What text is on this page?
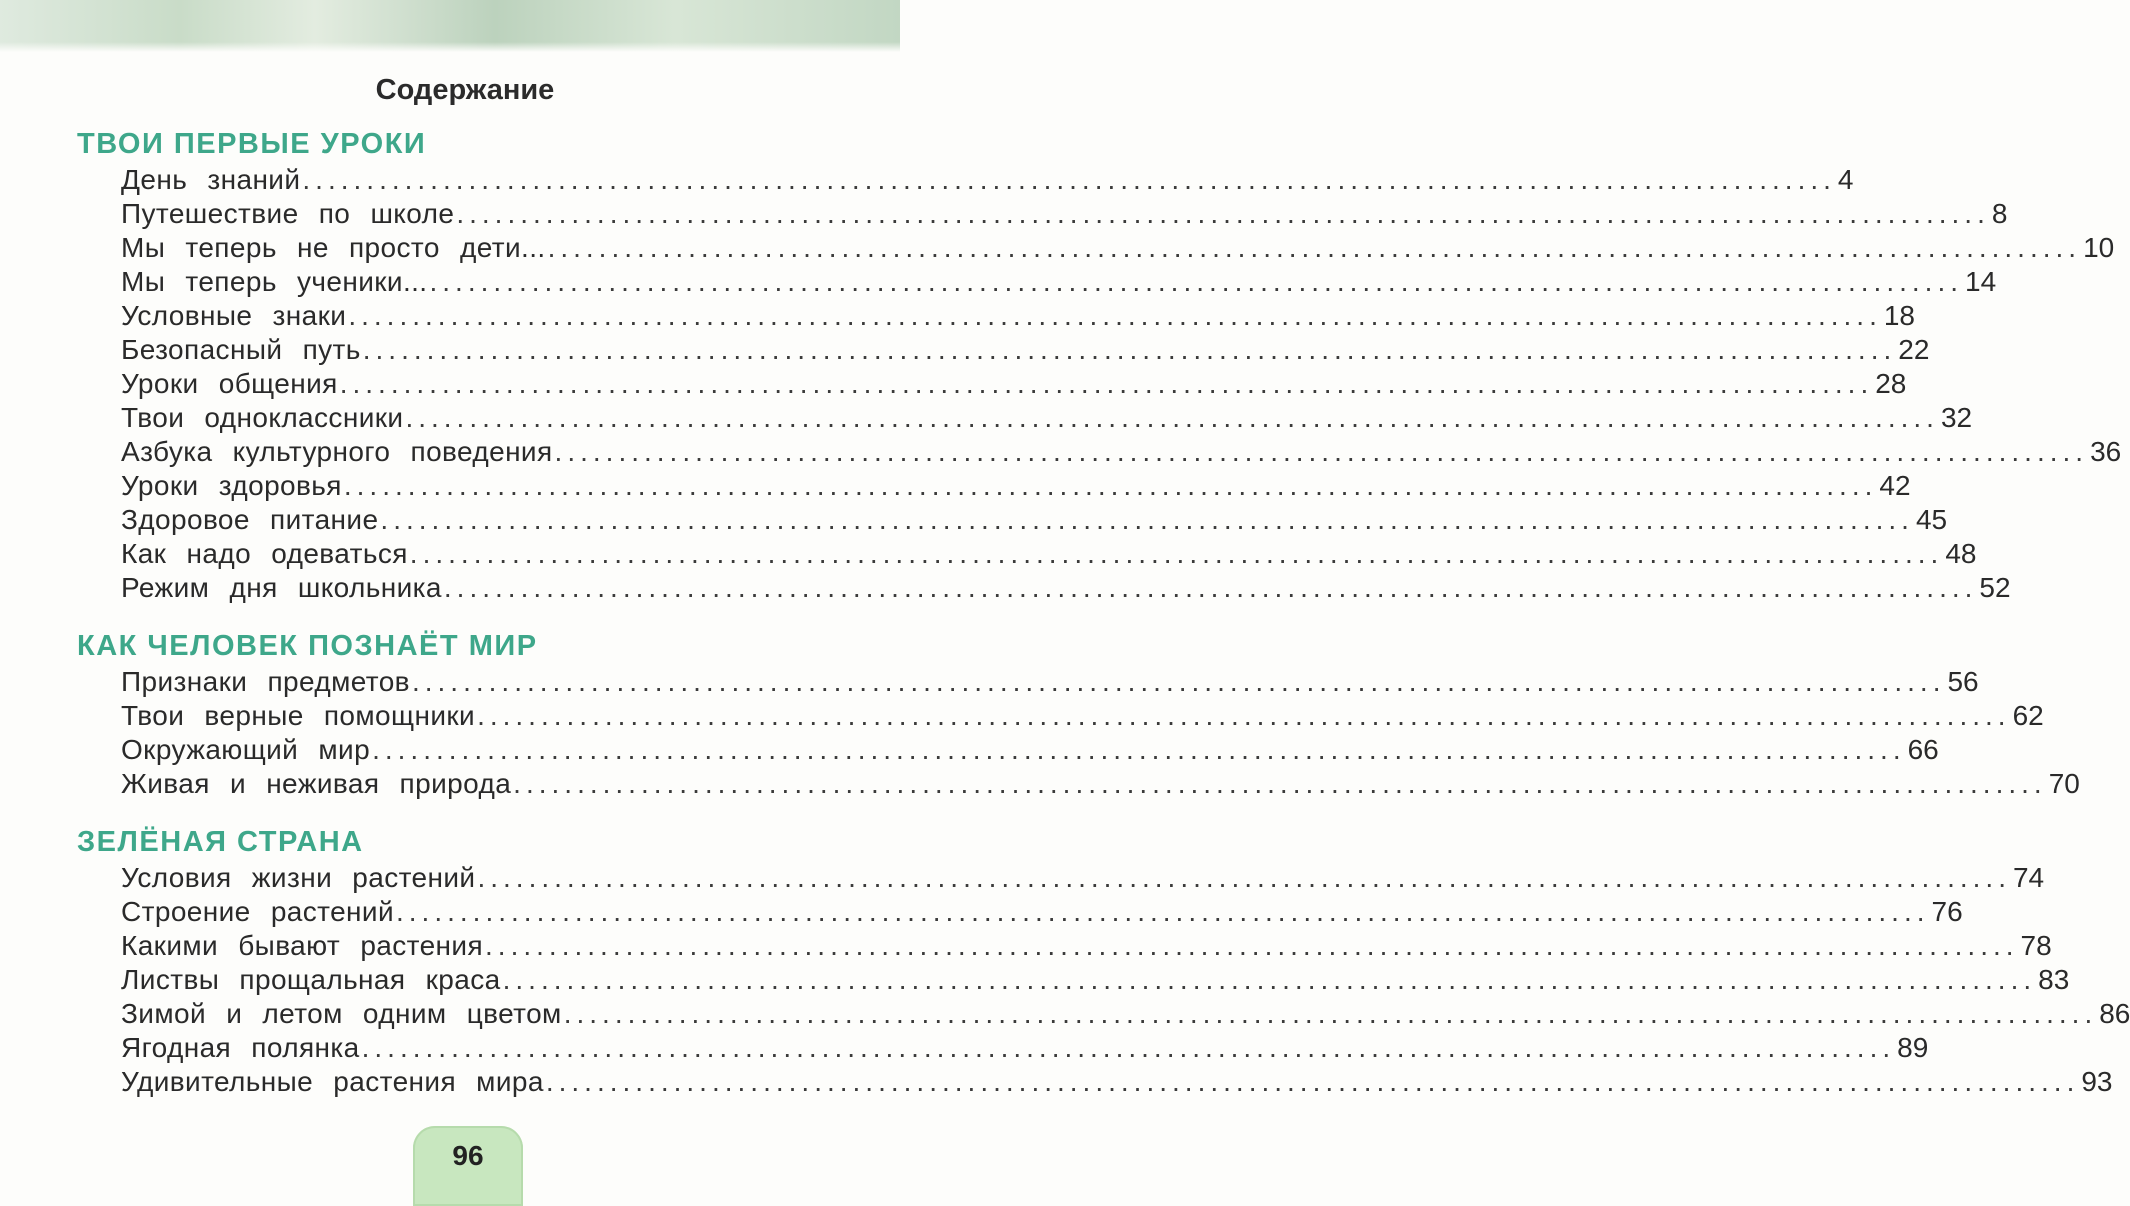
Содержание
ТВОИ ПЕРВЫЕ УРОКИ
День знаний ........................................................................................................................ 4
Путешествие по школе ........................................................................................................................ 8
Мы теперь не просто дети... ........................................................................................................................ 10
Мы теперь ученики... ........................................................................................................................ 14
Условные знаки ........................................................................................................................ 18
Безопасный путь ........................................................................................................................ 22
Уроки общения ........................................................................................................................ 28
Твои одноклассники ........................................................................................................................ 32
Азбука культурного поведения ........................................................................................................................ 36
Уроки здоровья ........................................................................................................................ 42
Здоровое питание ........................................................................................................................ 45
Как надо одеваться ........................................................................................................................ 48
Режим дня школьника ........................................................................................................................ 52
КАК ЧЕЛОВЕК ПОЗНАЁТ МИР
Признаки предметов ........................................................................................................................ 56
Твои верные помощники ........................................................................................................................ 62
Окружающий мир ........................................................................................................................ 66
Живая и неживая природа ........................................................................................................................ 70
ЗЕЛЁНАЯ СТРАНА
Условия жизни растений ........................................................................................................................ 74
Строение растений ........................................................................................................................ 76
Какими бывают растения ........................................................................................................................ 78
Листвы прощальная краса ........................................................................................................................ 83
Зимой и летом одним цветом ........................................................................................................................ 86
Ягодная полянка ........................................................................................................................ 89
Удивительные растения мира ........................................................................................................................ 93
96
